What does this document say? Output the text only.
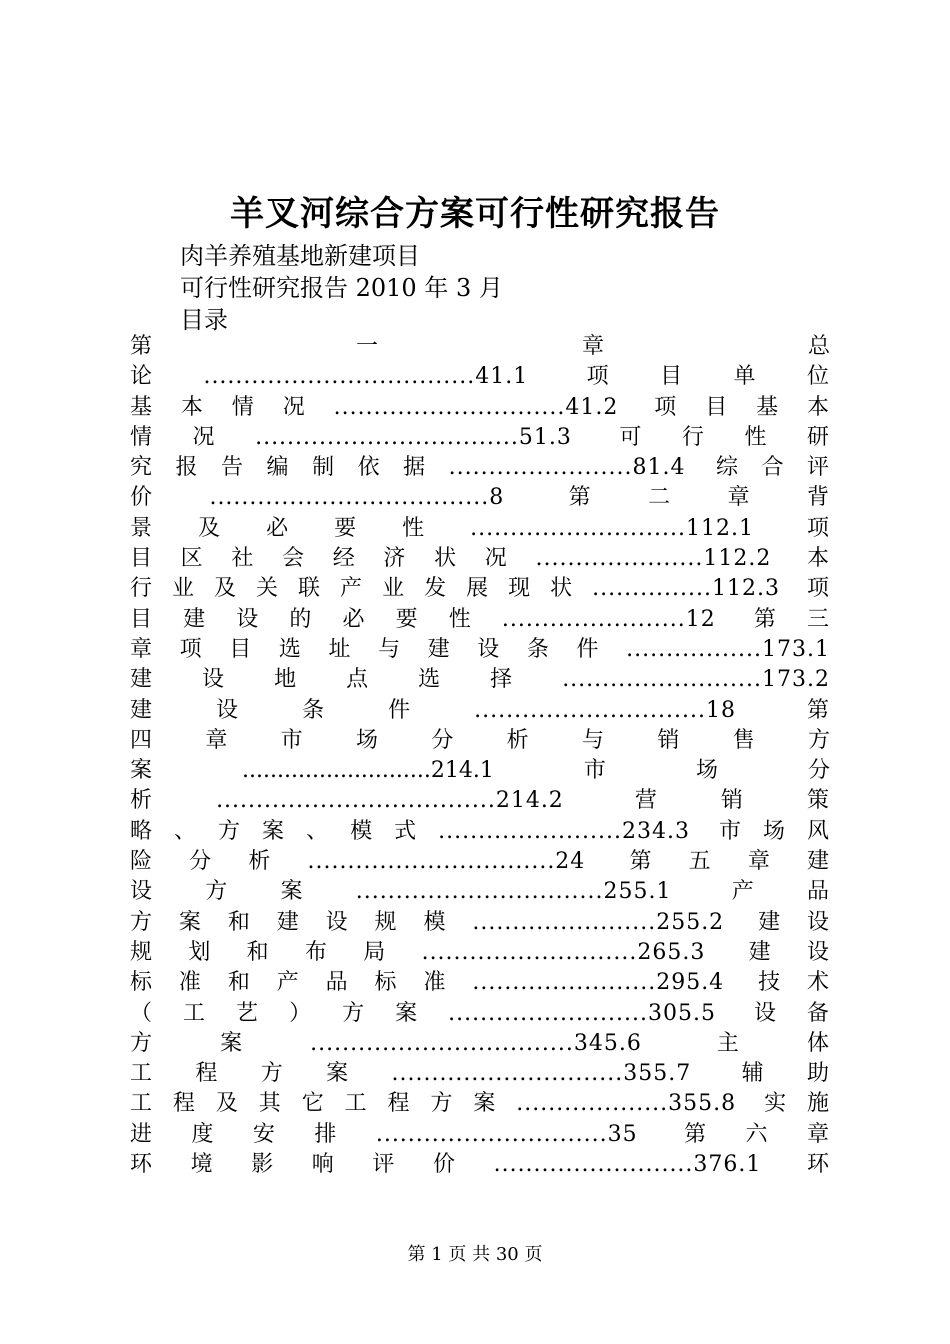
羊叉河综合方案可行性研究报告
肉羊养殖基地新建项目
可行性研究报告 2010 年 3 月
目录
第　　　　一　　　　章　　　　总
论..................................41.1 项目单位
基本情况.............................41.2 项目基本
情况.................................51.3 可行性研
究报告编制依据.......................81.4 综合评
价...................................8 第二章背
景及必要性...........................112.1 项
目区社会经济状况.....................112.2 本
行业及关联产业发展现状...............112.3 项
目建设的必要性.......................12 第三
章项目选址与建设条件.................173.1
建设地点选择.........................173.2
建设条件.............................18 第
四　章　市　场　分　析　与　销　售　方
案　 ...........................214.1　 市　 场　 分
析...................................214.2 营销策
略、方案、模式.......................234.3 市场风
险分析...............................24 第五章建
设方案...............................255.1 产品
方案和建设规模.......................255.2 建设
规划和布局...........................265.3 建设
标准和产品标准.......................295.4 技术
（工艺）方案.........................305.5 设备
方案.................................345.6 主体
工程方案.............................355.7 辅助
工程及其它工程方案...................355.8 实施
进度安排.............................35 第六章
环境影响评价.........................376.1 环
第 1 页 共 30 页
